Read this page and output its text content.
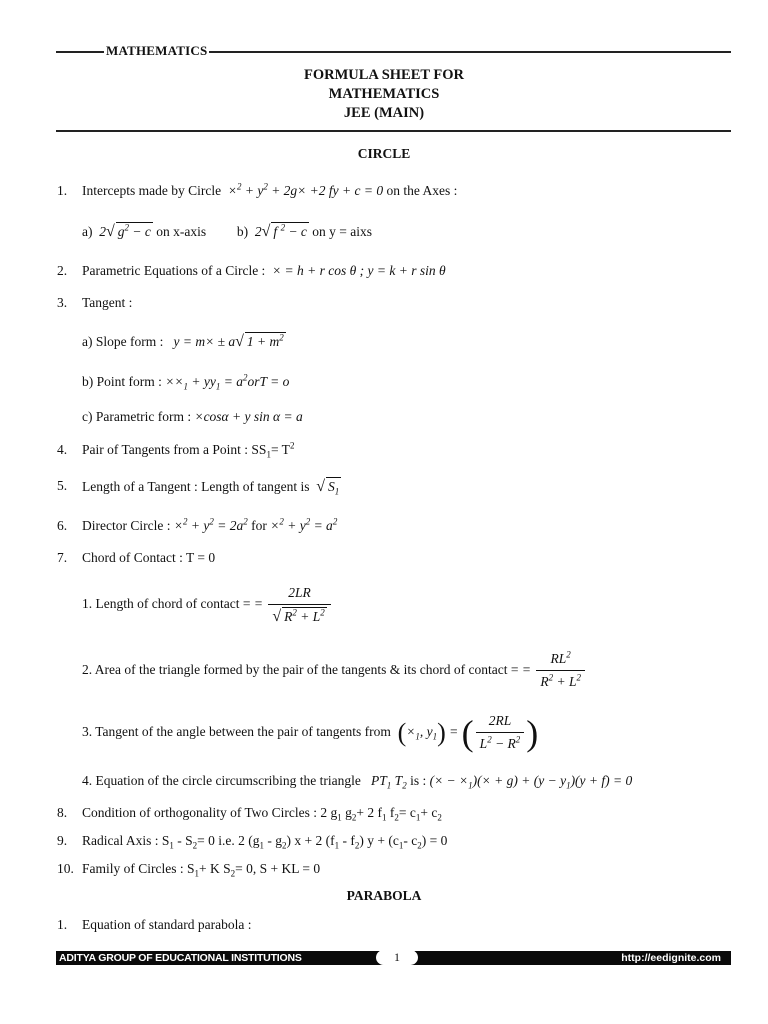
MATHEMATICS
FORMULA SHEET FOR
MATHEMATICS
JEE (MAIN)
CIRCLE
1. Intercepts made by Circle  $\times^2 + y^2 + 2g\times +2$ fy + c = 0 on the Axes :
a)  2√ $g^2 - c$ on x-axis b)  2√ f $^2$ − c on y = aixs
2. Parametric Equations of a Circle :  × = h + r cos θ ; y = k + r sin θ
3. Tangent :
a) Slope form :   y = m× ± a√ $1 + m^2$
b) Point form : $\times\times_1 + yy_1 = a^2orT = o$
c) Parametric form : ×cosα + y sin α = a
4. Pair of Tangents from a Point : $SS_1= T^2$
5. Length of a Tangent : Length of tangent is √ $S_1$
6. Director Circle : $\times^2 + y^2 = 2a^2$ for $\times^2 + y^2 = a^2$
7. Chord of Contact : T = 0
1. Length of chord of contact = = $\frac{2LR}{√ R^2 + L^2}$
2. Area of the triangle formed by the pair of the tangents & its chord of contact = = $\frac{RL^2}{R^2 + L^2}$
3. Tangent of the angle between the pair of tangents from ($\times_1$, $y_1$) = ( $\frac{2RL}{L^2 - R^2}$ )
4. Equation of the circle circumscribing the triangle   $PT_1$ $T_2$ is : (× − $\times_1)(\times + g) + (y - y_1)(y + f) = 0$
8. Condition of orthogonality of Two Circles : 2 $g_1$ $g_2+ 2$ $f_1$ $f_2= c_1+ c_2$
9. Radical Axis : $S_1 - S_2= 0$ i.e. 2 $(g_1 - g_2) x + 2$ $(f_1 - f_2) y + (c_1-$ $c_2) = 0$
10. Family of Circles : $S_1+ K$ $S_2= 0$, S + KL = 0
PARABOLA
1. Equation of standard parabola :
ADITYA GROUP OF EDUCATIONAL INSTITUTIONS	1	http://eedignite.com
